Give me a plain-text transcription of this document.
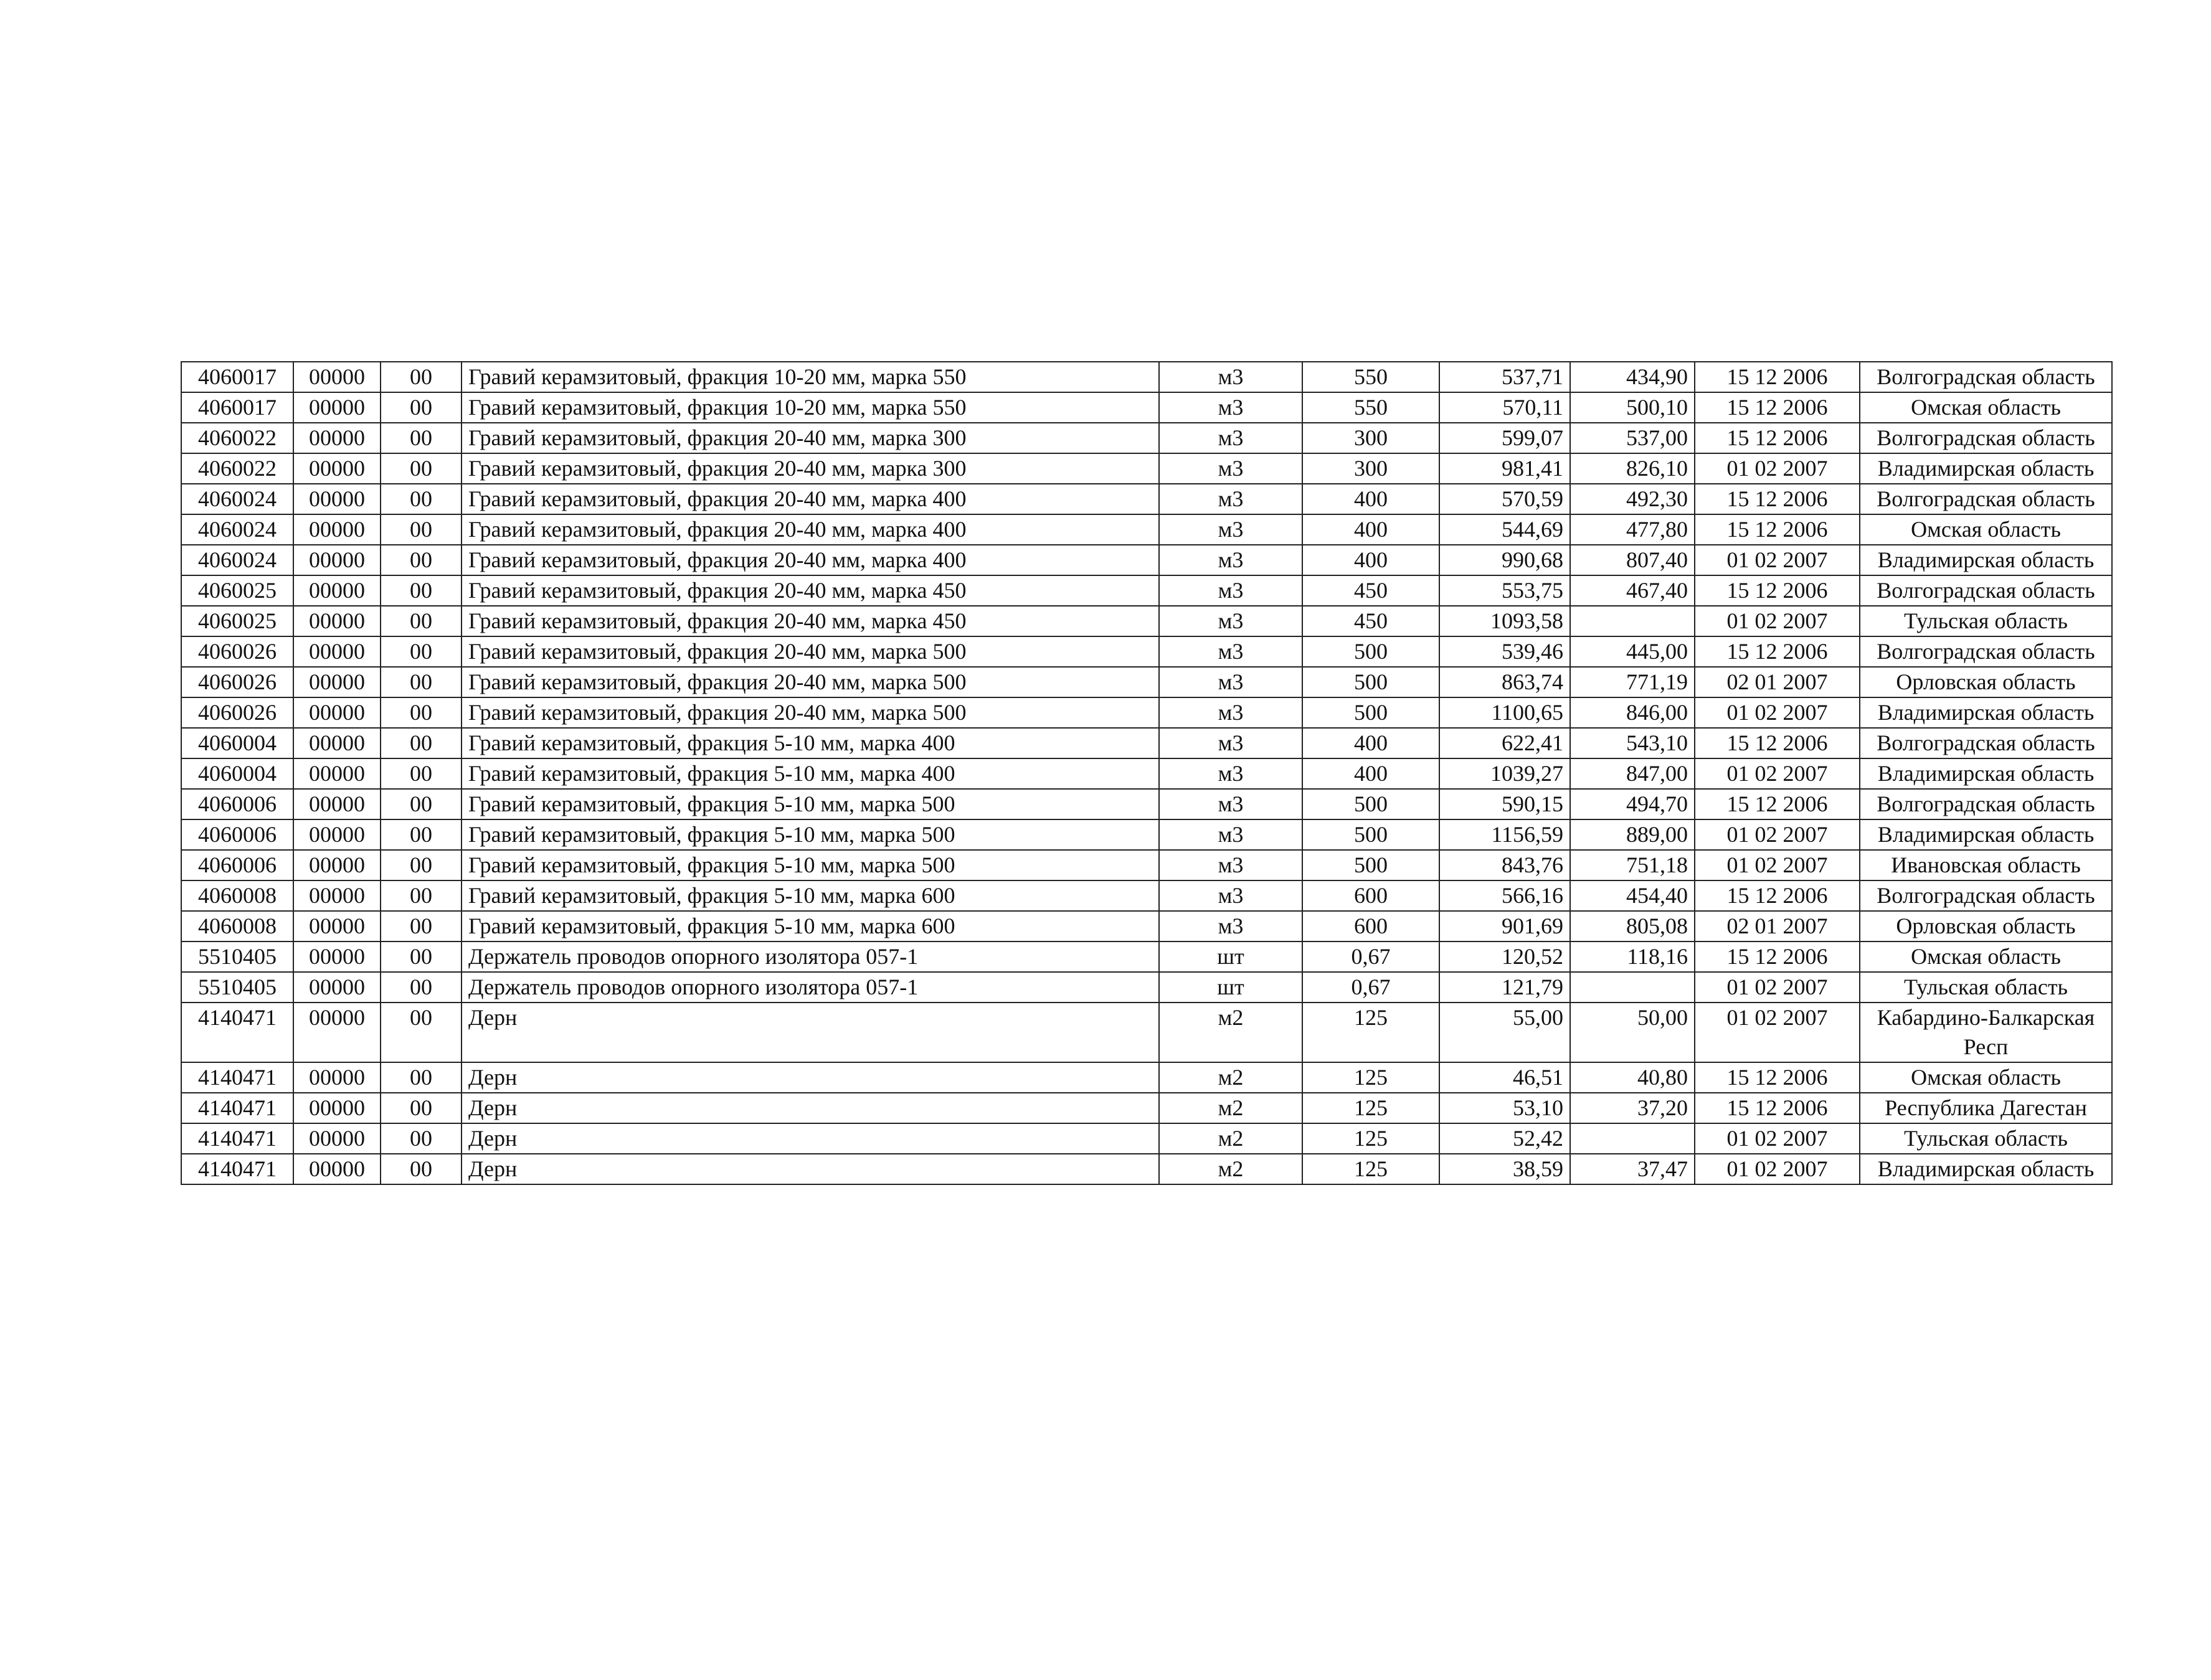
4060017	00000	00	Гравий керамзитовый, фракция 10-20 мм, марка 550	м3	550	537,71	434,90	15 12 2006	Волгоградская область
4060017	00000	00	Гравий керамзитовый, фракция 10-20 мм, марка 550	м3	550	570,11	500,10	15 12 2006	Омская область
4060022	00000	00	Гравий керамзитовый, фракция 20-40 мм, марка 300	м3	300	599,07	537,00	15 12 2006	Волгоградская область
4060022	00000	00	Гравий керамзитовый, фракция 20-40 мм, марка 300	м3	300	981,41	826,10	01 02 2007	Владимирская область
4060024	00000	00	Гравий керамзитовый, фракция 20-40 мм, марка 400	м3	400	570,59	492,30	15 12 2006	Волгоградская область
4060024	00000	00	Гравий керамзитовый, фракция 20-40 мм, марка 400	м3	400	544,69	477,80	15 12 2006	Омская область
4060024	00000	00	Гравий керамзитовый, фракция 20-40 мм, марка 400	м3	400	990,68	807,40	01 02 2007	Владимирская область
4060025	00000	00	Гравий керамзитовый, фракция 20-40 мм, марка 450	м3	450	553,75	467,40	15 12 2006	Волгоградская область
4060025	00000	00	Гравий керамзитовый, фракция 20-40 мм, марка 450	м3	450	1093,58		01 02 2007	Тульская область
4060026	00000	00	Гравий керамзитовый, фракция 20-40 мм, марка 500	м3	500	539,46	445,00	15 12 2006	Волгоградская область
4060026	00000	00	Гравий керамзитовый, фракция 20-40 мм, марка 500	м3	500	863,74	771,19	02 01 2007	Орловская область
4060026	00000	00	Гравий керамзитовый, фракция 20-40 мм, марка 500	м3	500	1100,65	846,00	01 02 2007	Владимирская область
4060004	00000	00	Гравий керамзитовый, фракция 5-10 мм, марка 400	м3	400	622,41	543,10	15 12 2006	Волгоградская область
4060004	00000	00	Гравий керамзитовый, фракция 5-10 мм, марка 400	м3	400	1039,27	847,00	01 02 2007	Владимирская область
4060006	00000	00	Гравий керамзитовый, фракция 5-10 мм, марка 500	м3	500	590,15	494,70	15 12 2006	Волгоградская область
4060006	00000	00	Гравий керамзитовый, фракция 5-10 мм, марка 500	м3	500	1156,59	889,00	01 02 2007	Владимирская область
4060006	00000	00	Гравий керамзитовый, фракция 5-10 мм, марка 500	м3	500	843,76	751,18	01 02 2007	Ивановская область
4060008	00000	00	Гравий керамзитовый, фракция 5-10 мм, марка 600	м3	600	566,16	454,40	15 12 2006	Волгоградская область
4060008	00000	00	Гравий керамзитовый, фракция 5-10 мм, марка 600	м3	600	901,69	805,08	02 01 2007	Орловская область
5510405	00000	00	Держатель проводов опорного изолятора 057-1	шт	0,67	120,52	118,16	15 12 2006	Омская область
5510405	00000	00	Держатель проводов опорного изолятора 057-1	шт	0,67	121,79		01 02 2007	Тульская область
4140471	00000	00	Дерн	м2	125	55,00	50,00	01 02 2007	Кабардино-Балкарская Респ
4140471	00000	00	Дерн	м2	125	46,51	40,80	15 12 2006	Омская область
4140471	00000	00	Дерн	м2	125	53,10	37,20	15 12 2006	Республика Дагестан
4140471	00000	00	Дерн	м2	125	52,42		01 02 2007	Тульская область
4140471	00000	00	Дерн	м2	125	38,59	37,47	01 02 2007	Владимирская область
